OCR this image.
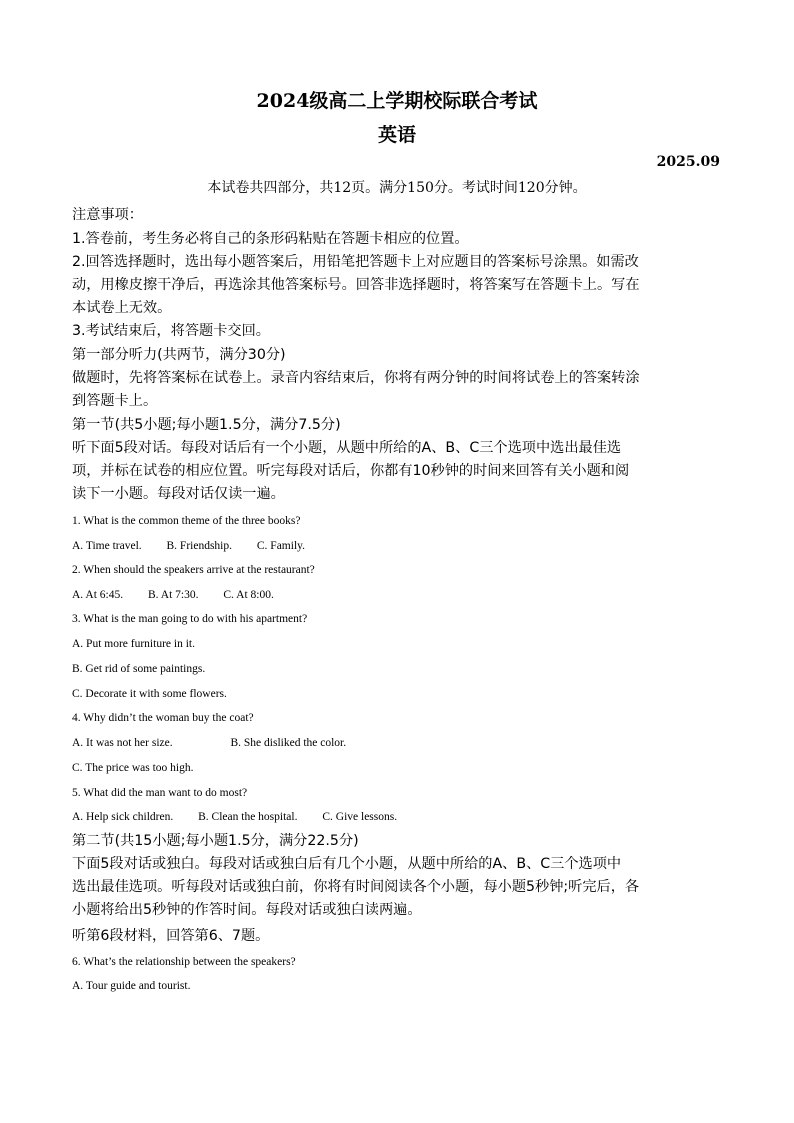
2024级高二上学期校际联合考试
英语
2025.09
本试卷共四部分，共12页。满分150分。考试时间120分钟。
注意事项：
1.答卷前，考生务必将自己的条形码粘贴在答题卡相应的位置。
2.回答选择题时，选出每小题答案后，用铅笔把答题卡上对应题目的答案标号涂黑。如需改
动，用橡皮擦干净后，再选涂其他答案标号。回答非选择题时，将答案写在答题卡上。写在
本试卷上无效。
3.考试结束后，将答题卡交回。
第一部分听力(共两节，满分30分)
做题时，先将答案标在试卷上。录音内容结束后，你将有两分钟的时间将试卷上的答案转涂
到答题卡上。
第一节(共5小题;每小题1.5分，满分7.5分)
听下面5段对话。每段对话后有一个小题，从题中所给的A、B、C三个选项中选出最佳选
项，并标在试卷的相应位置。听完每段对话后，你都有10秒钟的时间来回答有关小题和阅
读下一小题。每段对话仅读一遍。
1. What is the common theme of the three books?
A. Time travel. B. Friendship. C. Family.
2. When should the speakers arrive at the restaurant?
A. At 6:45. B. At 7:30. C. At 8:00.
3. What is the man going to do with his apartment?
A. Put more furniture in it.
B. Get rid of some paintings.
C. Decorate it with some flowers.
4. Why didn’t the woman buy the coat?
A. It was not her size.	B. She disliked the color.
C. The price was too high.
5. What did the man want to do most?
A. Help sick children. B. Clean the hospital. C. Give lessons.
第二节(共15小题;每小题1.5分，满分22.5分)
下面5段对话或独白。每段对话或独白后有几个小题，从题中所给的A、B、C三个选项中
选出最佳选项。听每段对话或独白前，你将有时间阅读各个小题，每小题5秒钟;听完后，各
小题将给出5秒钟的作答时间。每段对话或独白读两遍。
听第6段材料，回答第6、7题。
6. What’s the relationship between the speakers?
A. Tour guide and tourist.
